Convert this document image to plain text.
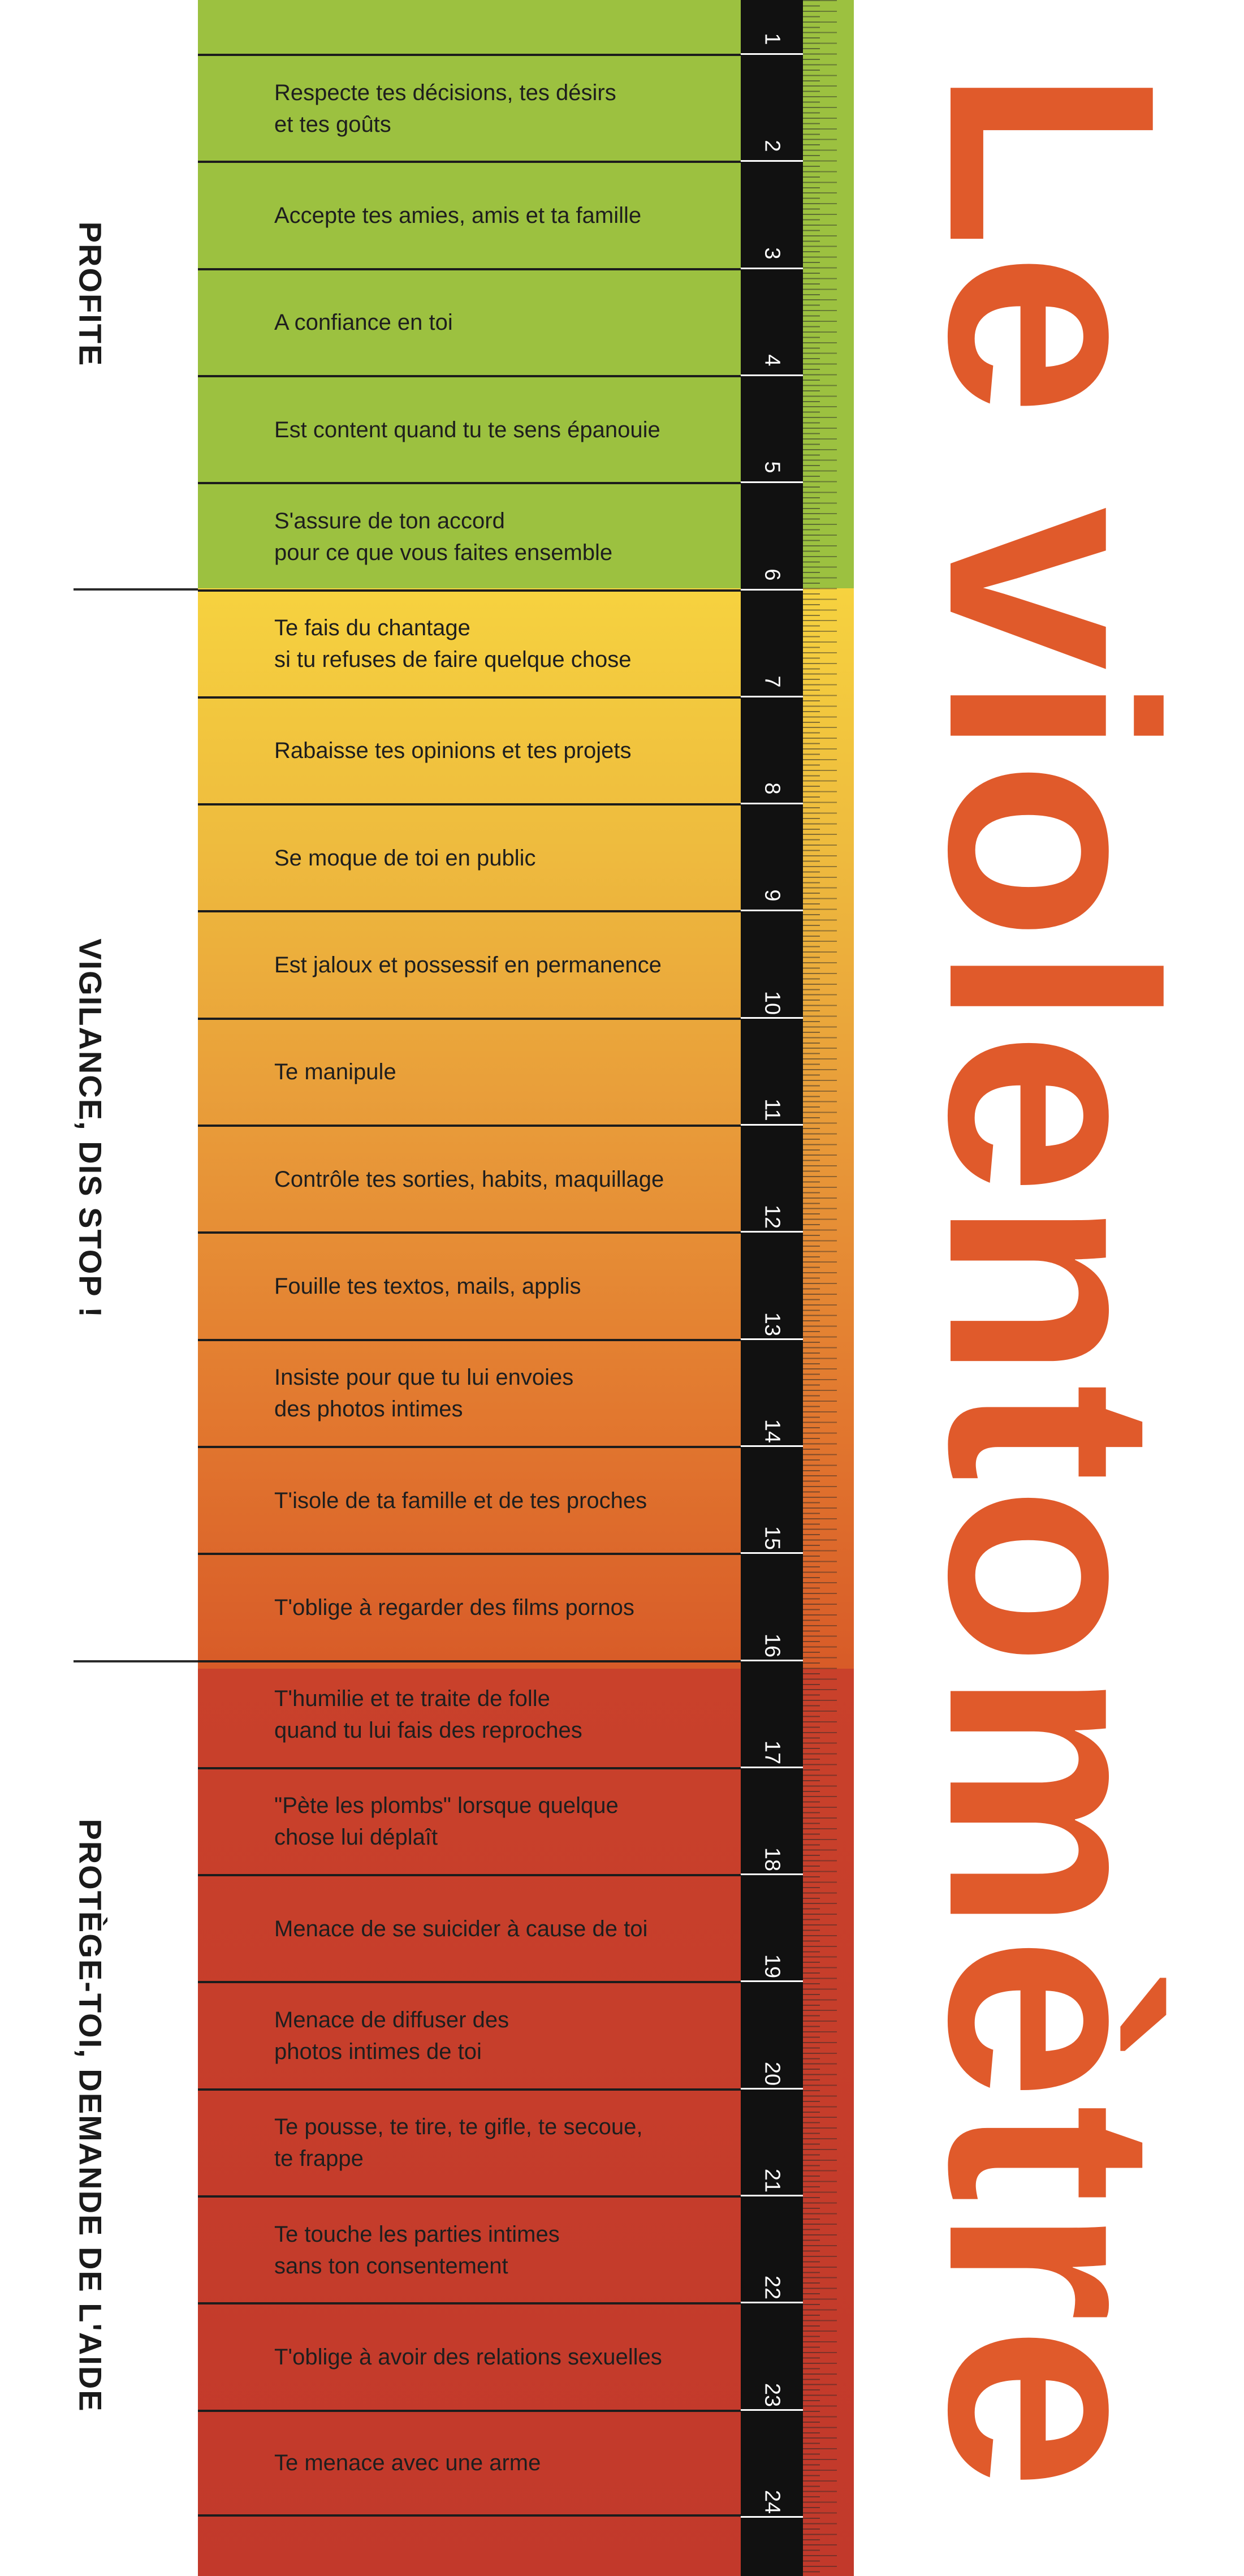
PROFITE
VIGILANCE, DIS STOP !
PROTÈGE-TOI, DEMANDE DE L'AIDE
Respecte tes décisions, tes désirs
et tes goûts
Accepte tes amies, amis et ta famille
A confiance en toi
Est content quand tu te sens épanouie
S'assure de ton accord
pour ce que vous faites ensemble
Te fais du chantage
si tu refuses de faire quelque chose
Rabaisse tes opinions et tes projets
Se moque de toi en public
Est jaloux et possessif en permanence
Te manipule
Contrôle tes sorties, habits, maquillage
Fouille tes textos, mails, applis
Insiste pour que tu lui envoies
des photos intimes
T'isole de ta famille et de tes proches
T'oblige à regarder des films pornos
T'humilie et te traite de folle
quand tu lui fais des reproches
"Pète les plombs" lorsque quelque
chose lui déplaît
Menace de se suicider à cause de toi
Menace de diffuser des
photos intimes de toi
Te pousse, te tire, te gifle, te secoue,
te frappe
Te touche les parties intimes
sans ton consentement
T'oblige à avoir des relations sexuelles
Te menace avec une arme
1
2
3
4
5
6
7
8
9
10
11
12
13
14
15
16
17
18
19
20
21
22
23
24
Le violentomètre
